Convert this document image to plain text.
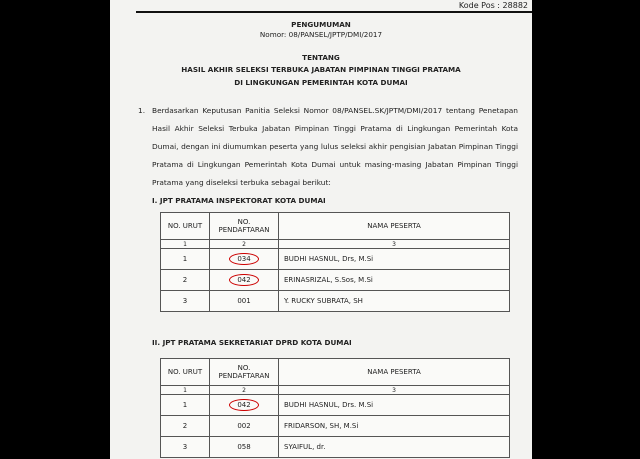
Kode Pos : 28882
PENGUMUMAN
Nomor: 08/PANSEL/JPTP/DMI/2017
TENTANG
HASIL AKHIR SELEKSI TERBUKA JABATAN PIMPINAN TINGGI PRATAMA
DI LINGKUNGAN PEMERINTAH KOTA DUMAI
1. Berdasarkan Keputusan Panitia Seleksi Nomor 08/PANSEL.SK/JPTM/DMI/2017 tentang Penetapan Hasil Akhir Seleksi Terbuka Jabatan Pimpinan Tinggi Pratama di Lingkungan Pemerintah Kota Dumai, dengan ini diumumkan peserta yang lulus seleksi akhir pengisian Jabatan Pimpinan Tinggi Pratama di Lingkungan Pemerintah Kota Dumai untuk masing-masing Jabatan Pimpinan Tinggi Pratama yang diseleksi terbuka sebagai berikut:
I. JPT PRATAMA INSPEKTORAT KOTA DUMAI
NO. URUT	NO. PENDAFTARAN	NAMA PESERTA
1	2	3
1	034	BUDHI HASNUL, Drs, M.Si
2	042	ERINASRIZAL, S.Sos, M.Si
3	001	Y. RUCKY SUBRATA, SH
II. JPT PRATAMA SEKRETARIAT DPRD KOTA DUMAI
NO. URUT	NO. PENDAFTARAN	NAMA PESERTA
1	2	3
1	042	BUDHI HASNUL, Drs. M.Si
2	002	FRIDARSON, SH, M.Si
3	058	SYAIFUL, dr.
